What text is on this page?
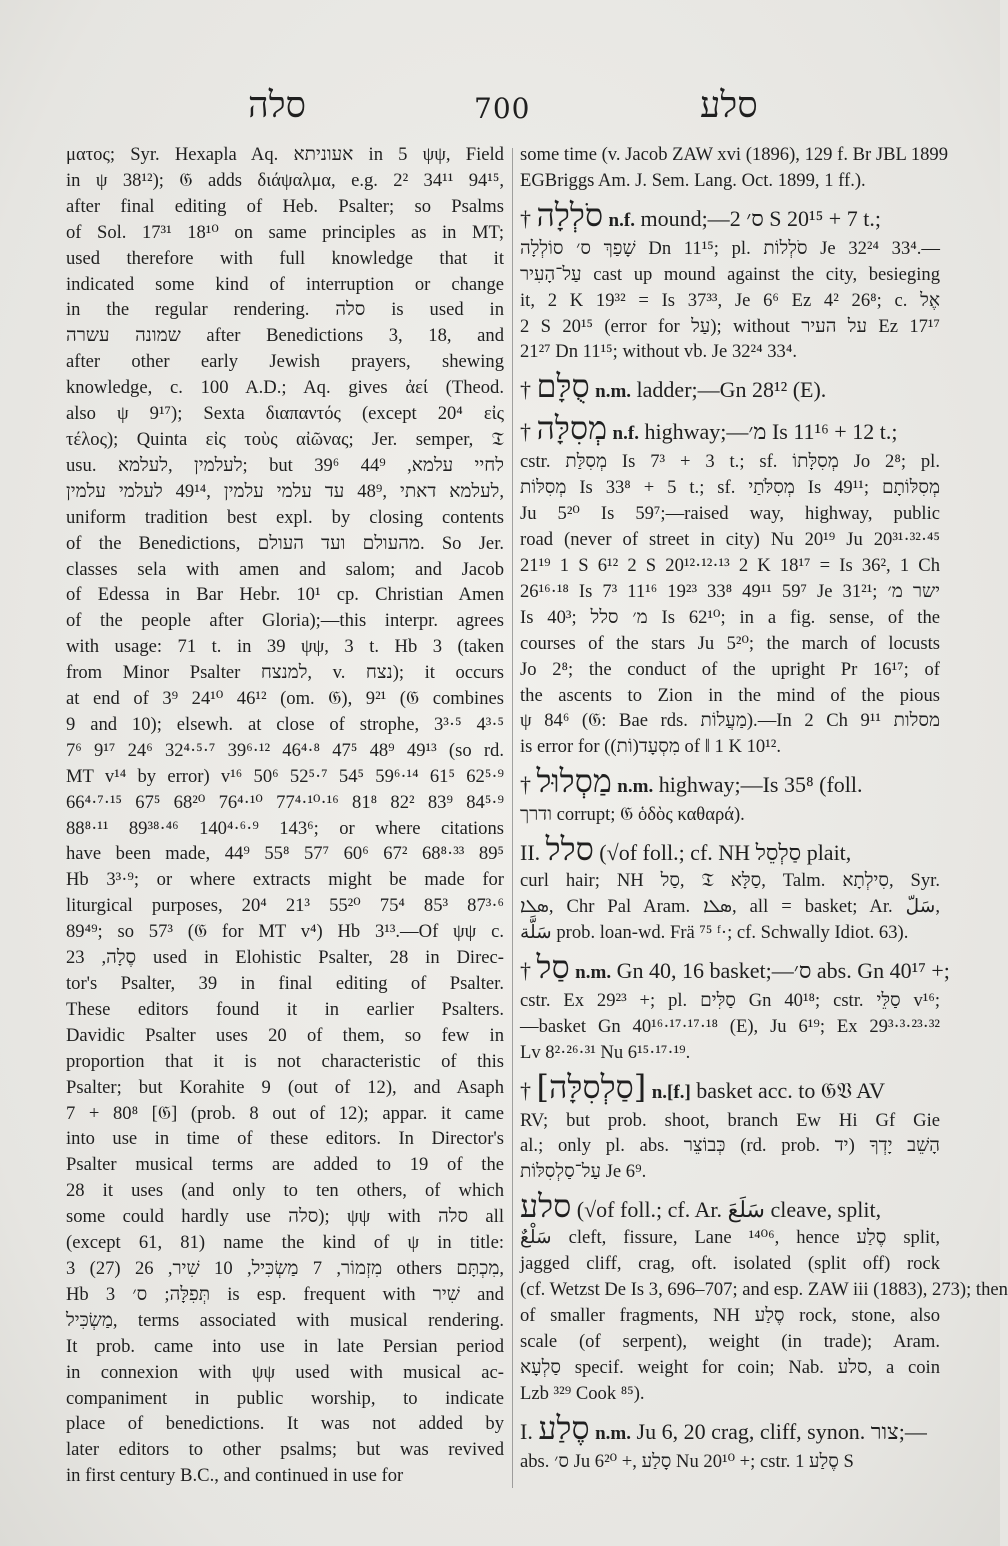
סלה	700	סלע
ματος; Syr. Hexapla Aq. אעוניתא in 5 ψψ, Field
in ψ 38¹²); 𝔊 adds διάψαλμα, e.g. 2² 34¹¹ 94¹⁵,
after final editing of Heb. Psalter; so Psalms
of Sol. 17³¹ 18¹⁰ on same principles as in MT;
used therefore with full knowledge that it
indicated some kind of interruption or change
in the regular rendering. סלה is used in
שמונה עשרה after Benedictions 3, 18, and
after other early Jewish prayers, shewing
knowledge, c. 100 A.D.; Aq. gives ἀεί (Theod.
also ψ 9¹⁷); Sexta διαπαντός (except 20⁴ εἰς
τέλος); Quinta εἰς τοὺς αἰῶνας; Jer. semper, 𝔗
usu. לעלמין ,לעלמא; but 39⁶ לחיי עלמא, 44⁹
לעלמא דאתי ,48⁹ עד עלמי עלמין ,49¹⁴ לעלמי עלמין,
uniform tradition best expl. by closing contents
of the Benedictions, מהעולם ועד העולם. So Jer.
classes sela with amen and salom; and Jacob
of Edessa in Bar Hebr. 10¹ cp. Christian Amen
of the people after Gloria);—this interpr. agrees
with usage: 71 t. in 39 ψψ, 3 t. Hb 3 (taken
from Minor Psalter למנצח, v. נצח); it occurs
at end of 3⁹ 24¹⁰ 46¹² (om. 𝔊), 9²¹ (𝔊 combines
9 and 10); elsewh. at close of strophe, 3³·⁵ 4³·⁵
7⁶ 9¹⁷ 24⁶ 32⁴·⁵·⁷ 39⁶·¹² 46⁴·⁸ 47⁵ 48⁹ 49¹³ (so rd.
MT v¹⁴ by error) v¹⁶ 50⁶ 52⁵·⁷ 54⁵ 59⁶·¹⁴ 61⁵ 62⁵·⁹
66⁴·⁷·¹⁵ 67⁵ 68²⁰ 76⁴·¹⁰ 77⁴·¹⁰·¹⁶ 81⁸ 82² 83⁹ 84⁵·⁹
88⁸·¹¹ 89³⁸·⁴⁶ 140⁴·⁶·⁹ 143⁶; or where citations
have been made, 44⁹ 55⁸ 57⁷ 60⁶ 67² 68⁸·³³ 89⁵
Hb 3³·⁹; or where extracts might be made for
liturgical purposes, 20⁴ 21³ 55²⁰ 75⁴ 85³ 87³·⁶
89⁴⁹; so 57³ (𝔊 for MT v⁴) Hb 3¹³.—Of ψψ c.
סֶלָה, 23 used in Elohistic Psalter, 28 in Direc-
tor's Psalter, 39 in final editing of Psalter.
These editors found it in earlier Psalters.
Davidic Psalter uses 20 of them, so few in
proportion that it is not characteristic of this
Psalter; but Korahite 9 (out of 12), and Asaph
7 + 80⁸ [𝔊] (prob. 8 out of 12); appar. it came
into use in time of these editors. In Director's
Psalter musical terms are added to 19 of the
28 it uses (and only to ten others, of which
some could hardly use סלה); ψψ with סלה all
(except 61, 81) name the kind of ψ in title:
3 מִזְמוֹר, 7 מַשְׂכִּיל, 10 שִׁיר, 26 (27) others מִכְתָּם,
Hb 3 תְּפִלָּה; ס׳ is esp. frequent with שִׁיר and
מַשְׂכִּיל, terms associated with musical rendering.
It prob. came into use in late Persian period
in connexion with ψψ used with musical ac-
companiment in public worship, to indicate
place of benedictions. It was not added by
later editors to other psalms; but was revived
in first century B.C., and continued in use for
some time (v. Jacob ZAW xvi (1896), 129 f. Br JBL 1899
EGBriggs Am. J. Sem. Lang. Oct. 1899, 1 ff.).
† סֹלְלָה n.f. mound;—ס׳ 2 S 20¹⁵ + 7 t.;
שָׁפַךְ ס׳ סוֹלְלָה Dn 11¹⁵; pl. סֹלְלוֹת Je 32²⁴ 33⁴.—
עַל־הָעִיר cast up mound against the city, besieging
it, 2 K 19³² = Is 37³³, Je 6⁶ Ez 4² 26⁸; c. אֶל
2 S 20¹⁵ (error for עַל); without על העיר Ez 17¹⁷
21²⁷ Dn 11¹⁵; without vb. Je 32²⁴ 33⁴.
† סֻלָּם n.m. ladder;—Gn 28¹² (E).
† מְסִלָּה n.f. highway;—מ׳ Is 11¹⁶ + 12 t.;
cstr. מְסִלַּת Is 7³ + 3 t.; sf. מְסִלָּתוֹ Jo 2⁸; pl.
מְסִלּוֹת Is 33⁸ + 5 t.; sf. מְסִלֹּתַי Is 49¹¹; מְסִלּוֹתָם
Ju 5²⁰ Is 59⁷;—raised way, highway, public
road (never of street in city) Nu 20¹⁹ Ju 20³¹·³²·⁴⁵
21¹⁹ 1 S 6¹² 2 S 20¹²·¹²·¹³ 2 K 18¹⁷ = Is 36², 1 Ch
26¹⁶·¹⁸ Is 7³ 11¹⁶ 19²³ 33⁸ 49¹¹ 59⁷ Je 31²¹; ישר מ׳
Is 40³; מ׳ סלל Is 62¹⁰; in a fig. sense, of the
courses of the stars Ju 5²⁰; the march of locusts
Jo 2⁸; the conduct of the upright Pr 16¹⁷; of
the ascents to Zion in the mind of the pious
ψ 84⁶ (𝔊: Bae rds. מַעֲלוֹת).—In 2 Ch 9¹¹ מסלות
is error for (מִסְעָד(וֹת) of ‖ 1 K 10¹².
† מַסְלוּל n.m. highway;—Is 35⁸ (foll.
ודרך corrupt; 𝔊 ὁδὸς καθαρά).
II. סלל (√of foll.; cf. NH סַלְסֵל plait,
curl hair; NH סַל, 𝔗 סַלָּא, Talm. סִילְתָא, Syr.
ܣܠܐ, Chr Pal Aram. ܣܠܐ, all = basket; Ar. سَلّ,
سَلَّة prob. loan-wd. Frä ⁷⁵ ᶠ·; cf. Schwally Idiot. 63).
† סַל n.m. Gn 40, 16 basket;—ס׳ abs. Gn 40¹⁷ +;
cstr. Ex 29²³ +; pl. סַלִּים Gn 40¹⁸; cstr. סַלֵּי v¹⁶;
—basket Gn 40¹⁶·¹⁷·¹⁷·¹⁸ (E), Ju 6¹⁹; Ex 29³·³·²³·³²
Lv 8²·²⁶·³¹ Nu 6¹⁵·¹⁷·¹⁹.
† [סַלְסִלָּה] n.[f.] basket acc. to 𝔊𝔙 AV
RV; but prob. shoot, branch Ew Hi Gf Gie
al.; only pl. abs. כְּבוֹצֵר (rd. prob. יד) הָשֵׁב יָדְךָ
עַל־סַלְסִלּוֹת Je 6⁹.
סלע (√of foll.; cf. Ar. سَلَعَ cleave, split,
سَلْعٌ cleft, fissure, Lane ¹⁴⁰⁶, hence סֶלַע split,
jagged cliff, crag, oft. isolated (split off) rock
(cf. Wetzst De Is 3, 696–707; and esp. ZAW iii (1883), 273); then
of smaller fragments, NH סֶלַע rock, stone, also
scale (of serpent), weight (in trade); Aram.
סַלְעָא specif. weight for coin; Nab. סלע, a coin
Lzb ³²⁹ Cook ⁸⁵).
I. סֶלַע n.m. Ju 6, 20 crag, cliff, synon. צור;—
abs. ס׳ Ju 6²⁰ +, סָלַע Nu 20¹⁰ +; cstr. סֶלַע 1 S
